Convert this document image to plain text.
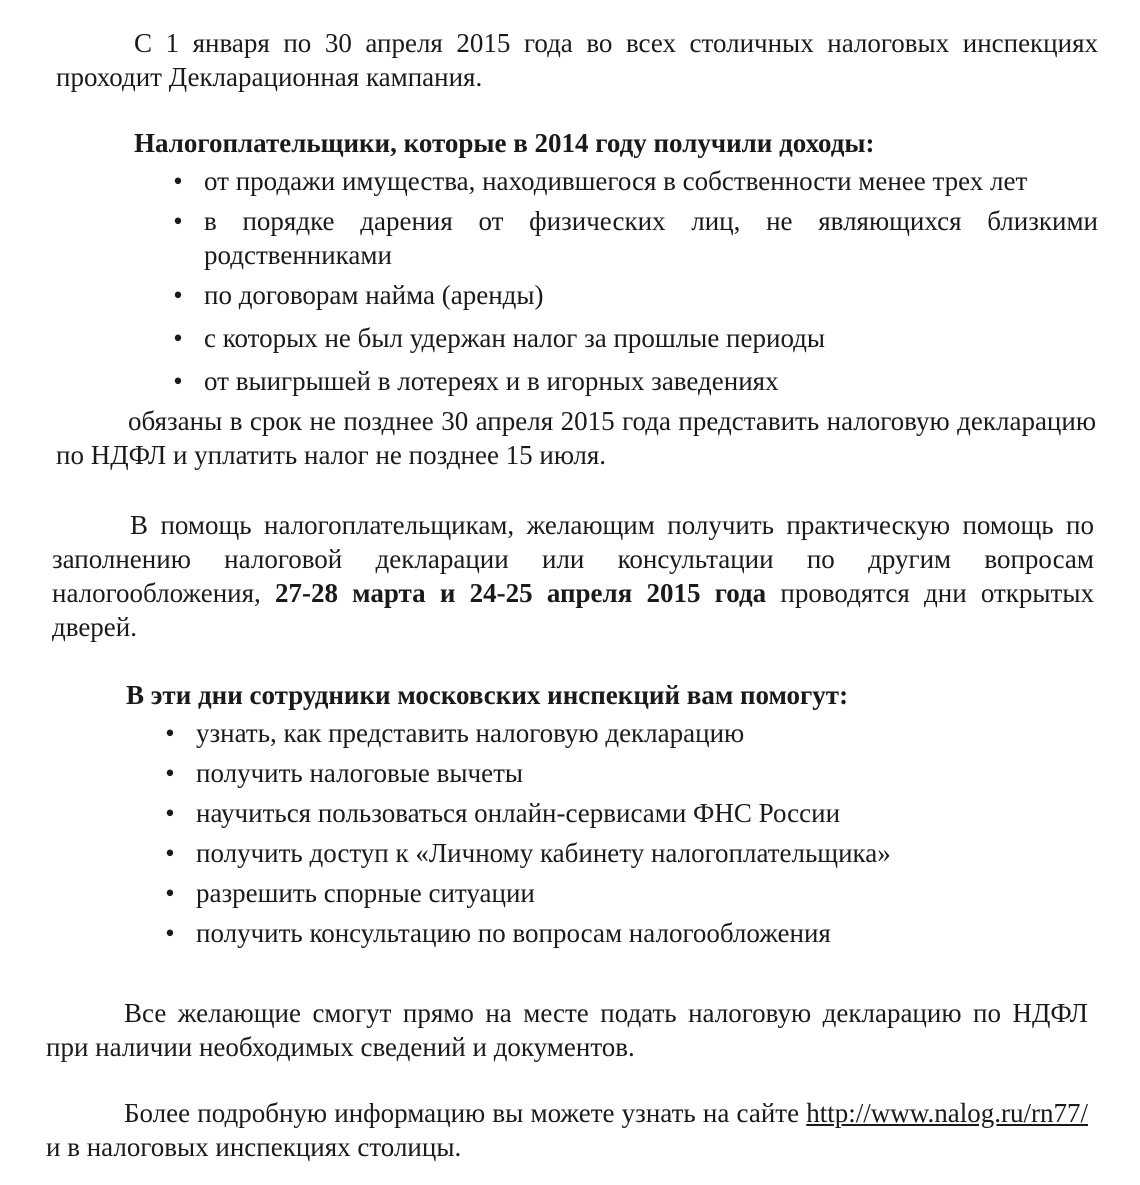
С 1 января по 30 апреля 2015 года во всех столичных налоговых инспекциях проходит Декларационная кампания.

Налогоплательщики, которые в 2014 году получили доходы:

• от продажи имущества, находившегося в собственности менее трех лет
• в порядке дарения от физических лиц, не являющихся близкими родственниками
• по договорам найма (аренды)
• с которых не был удержан налог за прошлые периоды
• от выигрышей в лотереях и в игорных заведениях

обязаны в срок не позднее 30 апреля 2015 года представить налоговую декларацию по НДФЛ и уплатить налог не позднее 15 июля.

В помощь налогоплательщикам, желающим получить практическую помощь по заполнению налоговой декларации или консультации по другим вопросам налогообложения, 27-28 марта и 24-25 апреля 2015 года проводятся дни открытых дверей.

В эти дни сотрудники московских инспекций вам помогут:

• узнать, как представить налоговую декларацию
• получить налоговые вычеты
• научиться пользоваться онлайн-сервисами ФНС России
• получить доступ к «Личному кабинету налогоплательщика»
• разрешить спорные ситуации
• получить консультацию по вопросам налогообложения

Все желающие смогут прямо на месте подать налоговую декларацию по НДФЛ при наличии необходимых сведений и документов.

Более подробную информацию вы можете узнать на сайте http://www.nalog.ru/rn77/ и в налоговых инспекциях столицы.
